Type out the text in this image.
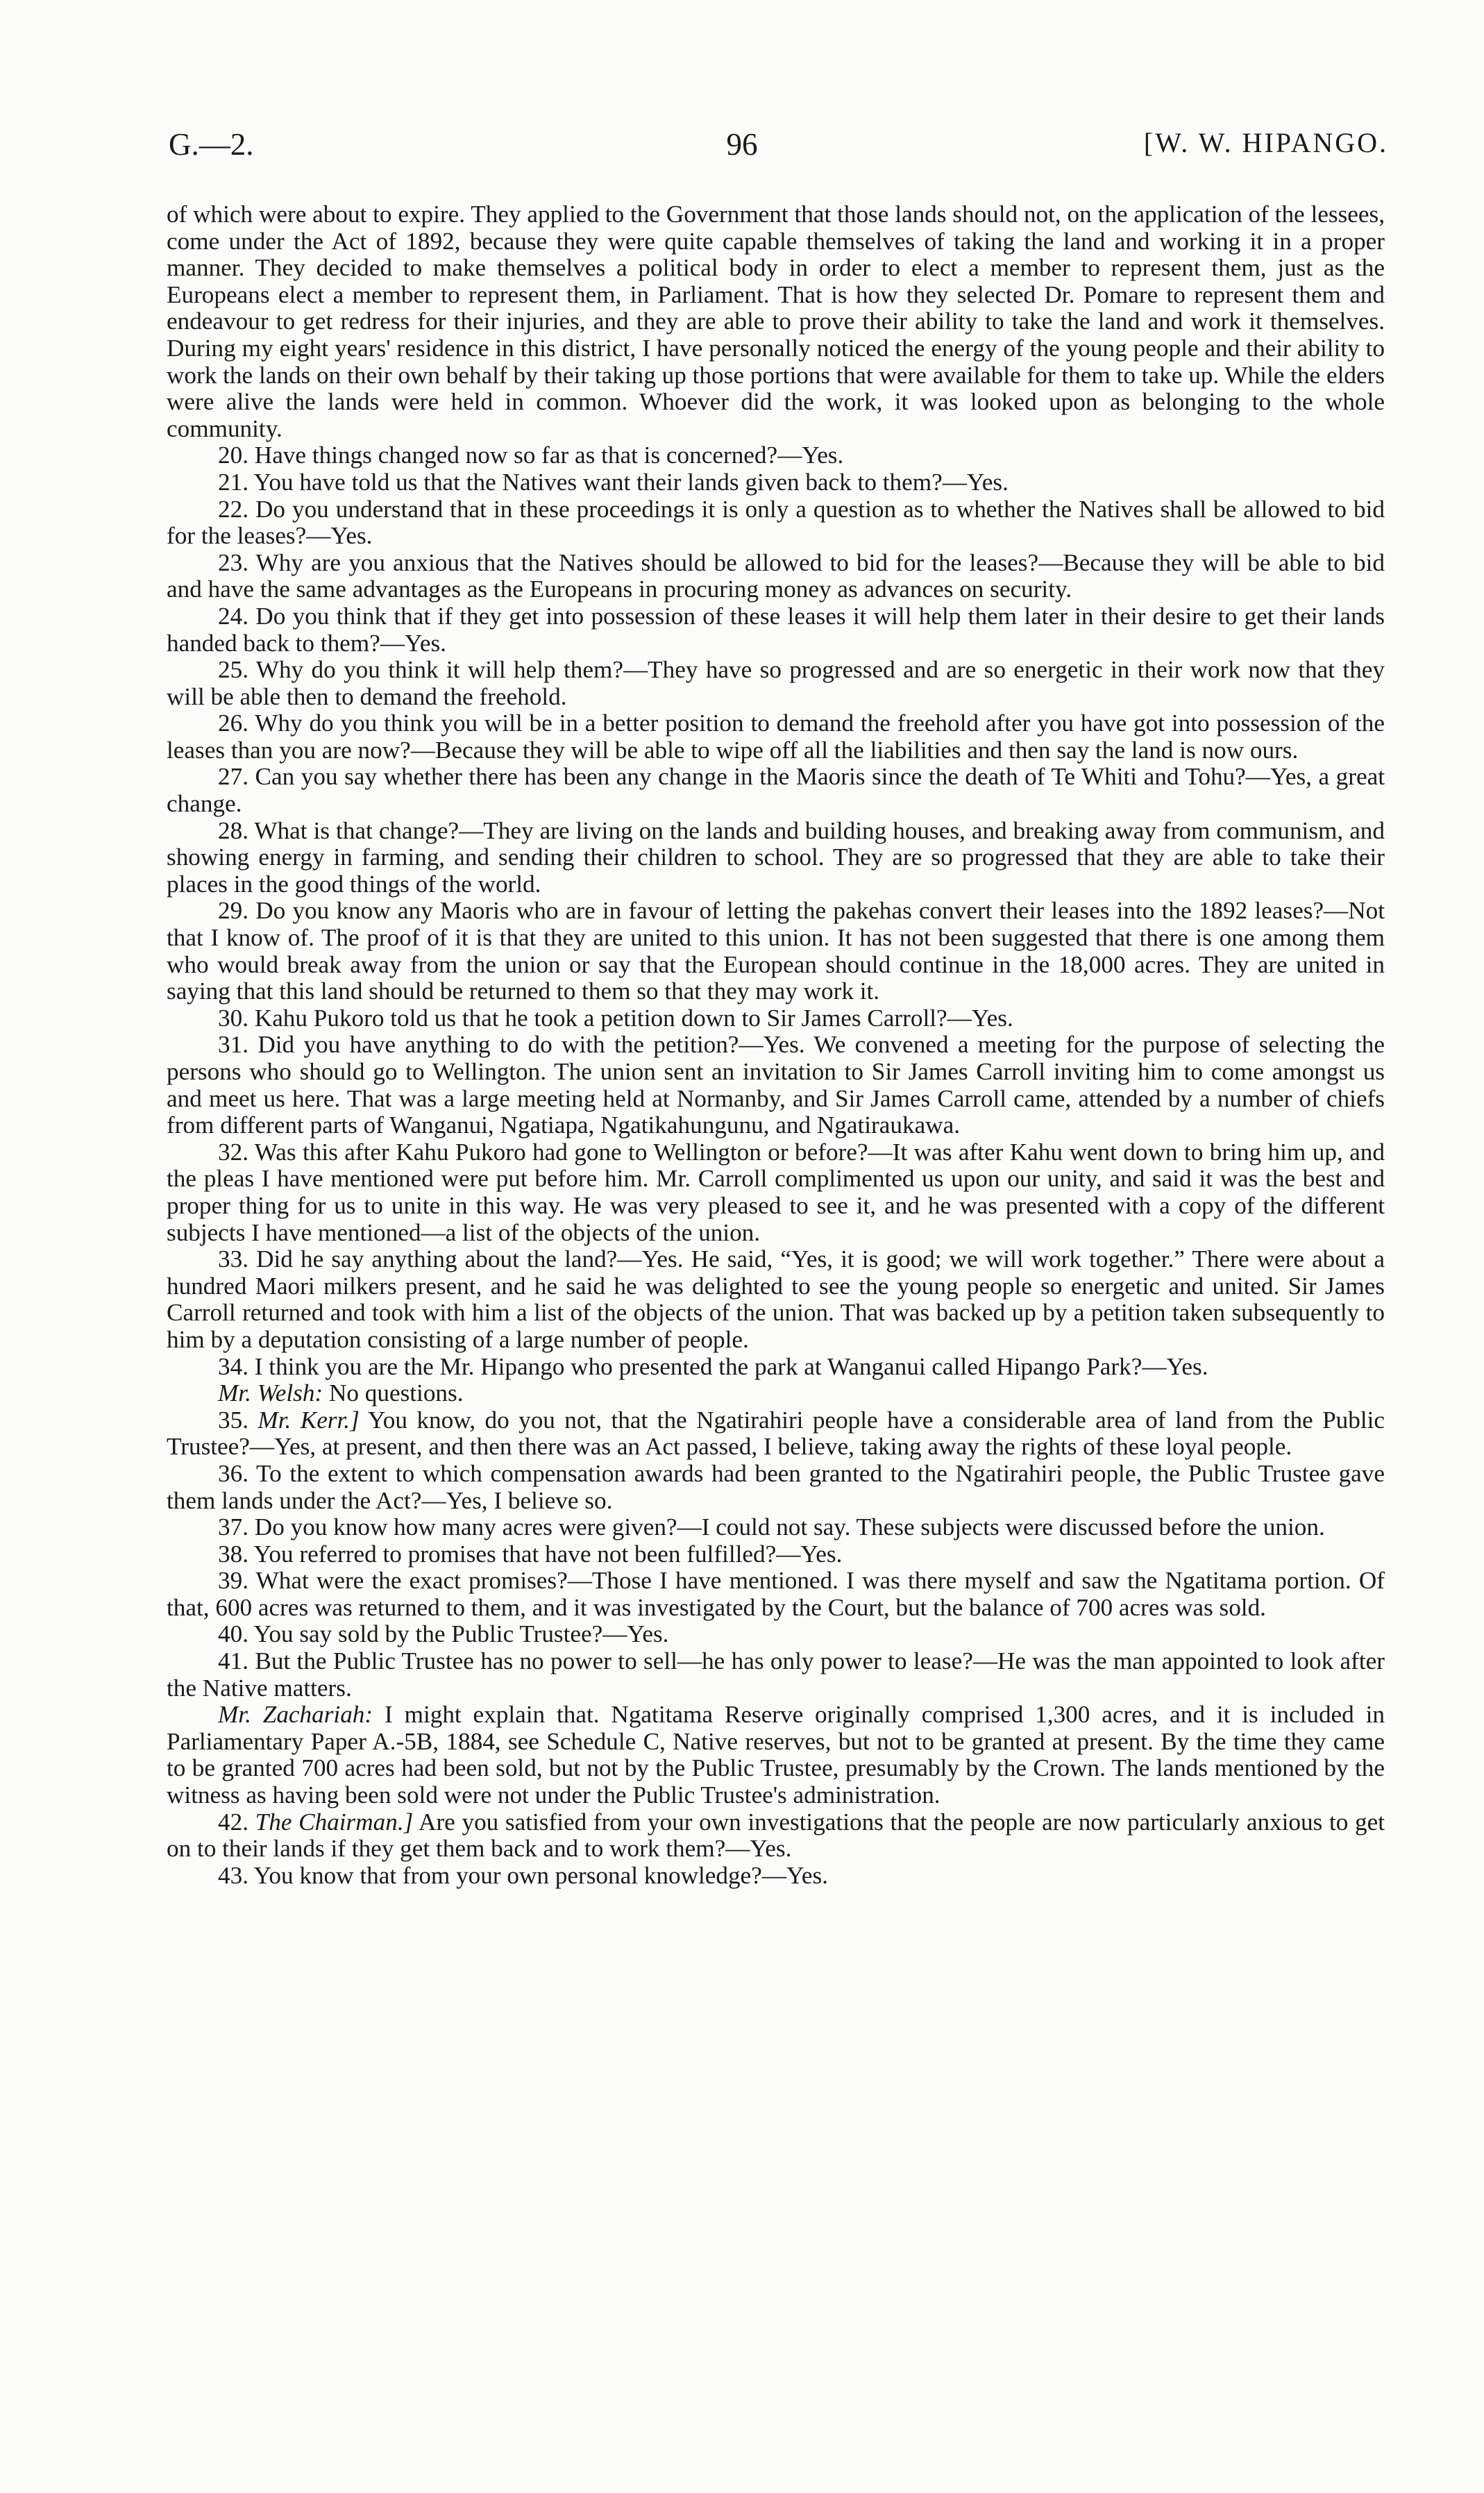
G.—2.	96	[W. W. HIPANGO.

of which were about to expire. They applied to the Government that those lands should not, on the application of the lessees, come under the Act of 1892, because they were quite capable themselves of taking the land and working it in a proper manner. They decided to make themselves a political body in order to elect a member to represent them, just as the Europeans elect a member to represent them, in Parliament. That is how they selected Dr. Pomare to represent them and endeavour to get redress for their injuries, and they are able to prove their ability to take the land and work it themselves. During my eight years' residence in this district, I have personally noticed the energy of the young people and their ability to work the lands on their own behalf by their taking up those portions that were available for them to take up. While the elders were alive the lands were held in common. Whoever did the work, it was looked upon as belonging to the whole community.

20. Have things changed now so far as that is concerned?—Yes.

21. You have told us that the Natives want their lands given back to them?—Yes.

22. Do you understand that in these proceedings it is only a question as to whether the Natives shall be allowed to bid for the leases?—Yes.

23. Why are you anxious that the Natives should be allowed to bid for the leases?—Because they will be able to bid and have the same advantages as the Europeans in procuring money as advances on security.

24. Do you think that if they get into possession of these leases it will help them later in their desire to get their lands handed back to them?—Yes.

25. Why do you think it will help them?—They have so progressed and are so energetic in their work now that they will be able then to demand the freehold.

26. Why do you think you will be in a better position to demand the freehold after you have got into possession of the leases than you are now?—Because they will be able to wipe off all the liabilities and then say the land is now ours.

27. Can you say whether there has been any change in the Maoris since the death of Te Whiti and Tohu?—Yes, a great change.

28. What is that change?—They are living on the lands and building houses, and breaking away from communism, and showing energy in farming, and sending their children to school. They are so progressed that they are able to take their places in the good things of the world.

29. Do you know any Maoris who are in favour of letting the pakehas convert their leases into the 1892 leases?—Not that I know of. The proof of it is that they are united to this union. It has not been suggested that there is one among them who would break away from the union or say that the European should continue in the 18,000 acres. They are united in saying that this land should be returned to them so that they may work it.

30. Kahu Pukoro told us that he took a petition down to Sir James Carroll?—Yes.

31. Did you have anything to do with the petition?—Yes. We convened a meeting for the purpose of selecting the persons who should go to Wellington. The union sent an invitation to Sir James Carroll inviting him to come amongst us and meet us here. That was a large meeting held at Normanby, and Sir James Carroll came, attended by a number of chiefs from different parts of Wanganui, Ngatiapa, Ngatikahungunu, and Ngatiraukawa.

32. Was this after Kahu Pukoro had gone to Wellington or before?—It was after Kahu went down to bring him up, and the pleas I have mentioned were put before him. Mr. Carroll complimented us upon our unity, and said it was the best and proper thing for us to unite in this way. He was very pleased to see it, and he was presented with a copy of the different subjects I have mentioned—a list of the objects of the union.

33. Did he say anything about the land?—Yes. He said, “Yes, it is good; we will work together.” There were about a hundred Maori milkers present, and he said he was delighted to see the young people so energetic and united. Sir James Carroll returned and took with him a list of the objects of the union. That was backed up by a petition taken subsequently to him by a deputation consisting of a large number of people.

34. I think you are the Mr. Hipango who presented the park at Wanganui called Hipango Park?—Yes.

Mr. Welsh: No questions.

35. Mr. Kerr.] You know, do you not, that the Ngatirahiri people have a considerable area of land from the Public Trustee?—Yes, at present, and then there was an Act passed, I believe, taking away the rights of these loyal people.

36. To the extent to which compensation awards had been granted to the Ngatirahiri people, the Public Trustee gave them lands under the Act?—Yes, I believe so.

37. Do you know how many acres were given?—I could not say. These subjects were discussed before the union.

38. You referred to promises that have not been fulfilled?—Yes.

39. What were the exact promises?—Those I have mentioned. I was there myself and saw the Ngatitama portion. Of that, 600 acres was returned to them, and it was investigated by the Court, but the balance of 700 acres was sold.

40. You say sold by the Public Trustee?—Yes.

41. But the Public Trustee has no power to sell—he has only power to lease?—He was the man appointed to look after the Native matters.

Mr. Zachariah: I might explain that. Ngatitama Reserve originally comprised 1,300 acres, and it is included in Parliamentary Paper A.-5B, 1884, see Schedule C, Native reserves, but not to be granted at present. By the time they came to be granted 700 acres had been sold, but not by the Public Trustee, presumably by the Crown. The lands mentioned by the witness as having been sold were not under the Public Trustee's administration.

42. The Chairman.] Are you satisfied from your own investigations that the people are now particularly anxious to get on to their lands if they get them back and to work them?—Yes.

43. You know that from your own personal knowledge?—Yes.
